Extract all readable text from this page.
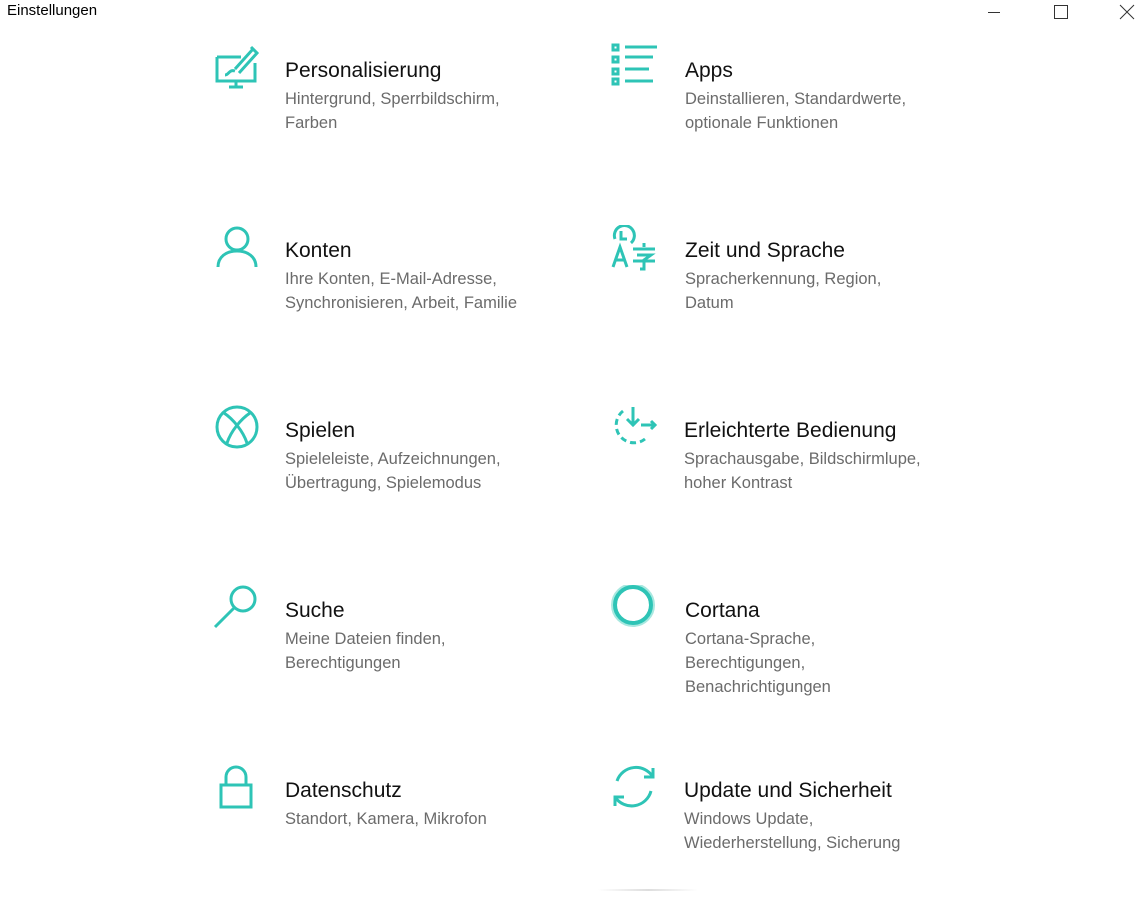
Einstellungen
Personalisierung
Hintergrund, Sperrbildschirm,
Farben
Apps
Deinstallieren, Standardwerte,
optionale Funktionen
Konten
Ihre Konten, E-Mail-Adresse,
Synchronisieren, Arbeit, Familie
Zeit und Sprache
Spracherkennung, Region,
Datum
Spielen
Spieleleiste, Aufzeichnungen,
Übertragung, Spielemodus
Erleichterte Bedienung
Sprachausgabe, Bildschirmlupe,
hoher Kontrast
Suche
Meine Dateien finden,
Berechtigungen
Cortana
Cortana-Sprache,
Berechtigungen,
Benachrichtigungen
Datenschutz
Standort, Kamera, Mikrofon
Update und Sicherheit
Windows Update,
Wiederherstellung, Sicherung
